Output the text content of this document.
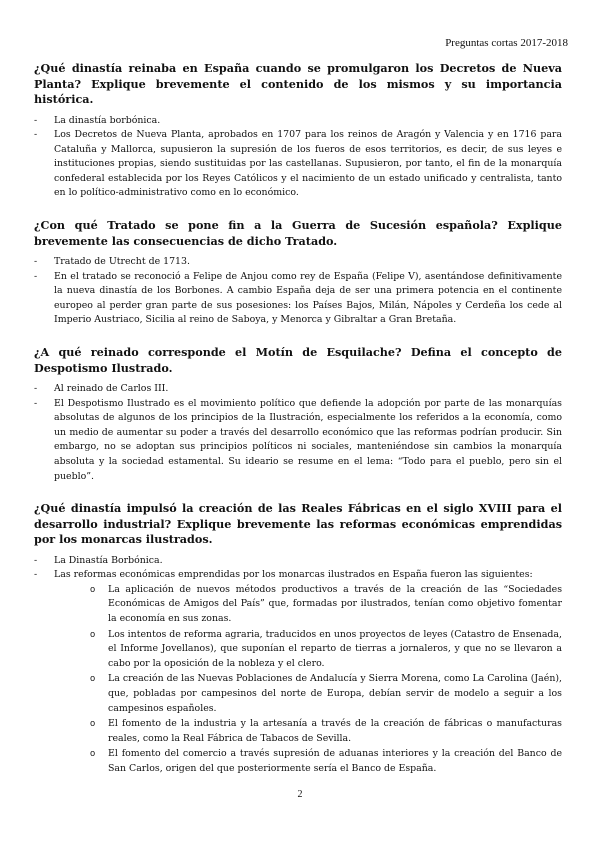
Preguntas cortas 2017-2018
¿Qué dinastía reinaba en España cuando se promulgaron los Decretos de Nueva Planta? Explique brevemente el contenido de los mismos y su importancia histórica.
- La dinastía borbónica.
- Los Decretos de Nueva Planta, aprobados en 1707 para los reinos de Aragón y Valencia y en 1716 para Cataluña y Mallorca, supusieron la supresión de los fueros de esos territorios, es decir, de sus leyes e instituciones propias, siendo sustituidas por las castellanas. Supusieron, por tanto, el fin de la monarquía confederal establecida por los Reyes Católicos y el nacimiento de un estado unificado y centralista, tanto en lo político-administrativo como en lo económico.
¿Con qué Tratado se pone fin a la Guerra de Sucesión española? Explique brevemente las consecuencias de dicho Tratado.
- Tratado de Utrecht de 1713.
- En el tratado se reconoció a Felipe de Anjou como rey de España (Felipe V), asentándose definitivamente la nueva dinastía de los Borbones. A cambio España deja de ser una primera potencia en el continente europeo al perder gran parte de sus posesiones: los Países Bajos, Milán, Nápoles y Cerdeña los cede al Imperio Austriaco, Sicilia al reino de Saboya, y Menorca y Gibraltar a Gran Bretaña.
¿A qué reinado corresponde el Motín de Esquilache? Defina el concepto de Despotismo Ilustrado.
- Al reinado de Carlos III.
- El Despotismo Ilustrado es el movimiento político que defiende la adopción por parte de las monarquías absolutas de algunos de los principios de la Ilustración, especialmente los referidos a la economía, como un medio de aumentar su poder a través del desarrollo económico que las reformas podrían producir. Sin embargo, no se adoptan sus principios políticos ni sociales, manteniéndose sin cambios la monarquía absoluta y la sociedad estamental. Su ideario se resume en el lema: “Todo para el pueblo, pero sin el pueblo”.
¿Qué dinastía impulsó la creación de las Reales Fábricas en el siglo XVIII para el desarrollo industrial? Explique brevemente las reformas económicas emprendidas por los monarcas ilustrados.
- La Dinastía Borbónica.
- Las reformas económicas emprendidas por los monarcas ilustrados en España fueron las siguientes:
o La aplicación de nuevos métodos productivos a través de la creación de las “Sociedades Económicas de Amigos del País” que, formadas por ilustrados, tenían como objetivo fomentar la economía en sus zonas.
o Los intentos de reforma agraria, traducidos en unos proyectos de leyes (Catastro de Ensenada, el Informe Jovellanos), que suponían el reparto de tierras a jornaleros, y que no se llevaron a cabo por la oposición de la nobleza y el clero.
o La creación de las Nuevas Poblaciones de Andalucía y Sierra Morena, como La Carolina (Jaén), que, pobladas por campesinos del norte de Europa, debían servir de modelo a seguir a los campesinos españoles.
o El fomento de la industria y la artesanía a través de la creación de fábricas o manufacturas reales, como la Real Fábrica de Tabacos de Sevilla.
o El fomento del comercio a través supresión de aduanas interiores y la creación del Banco de San Carlos, origen del que posteriormente sería el Banco de España.
2
